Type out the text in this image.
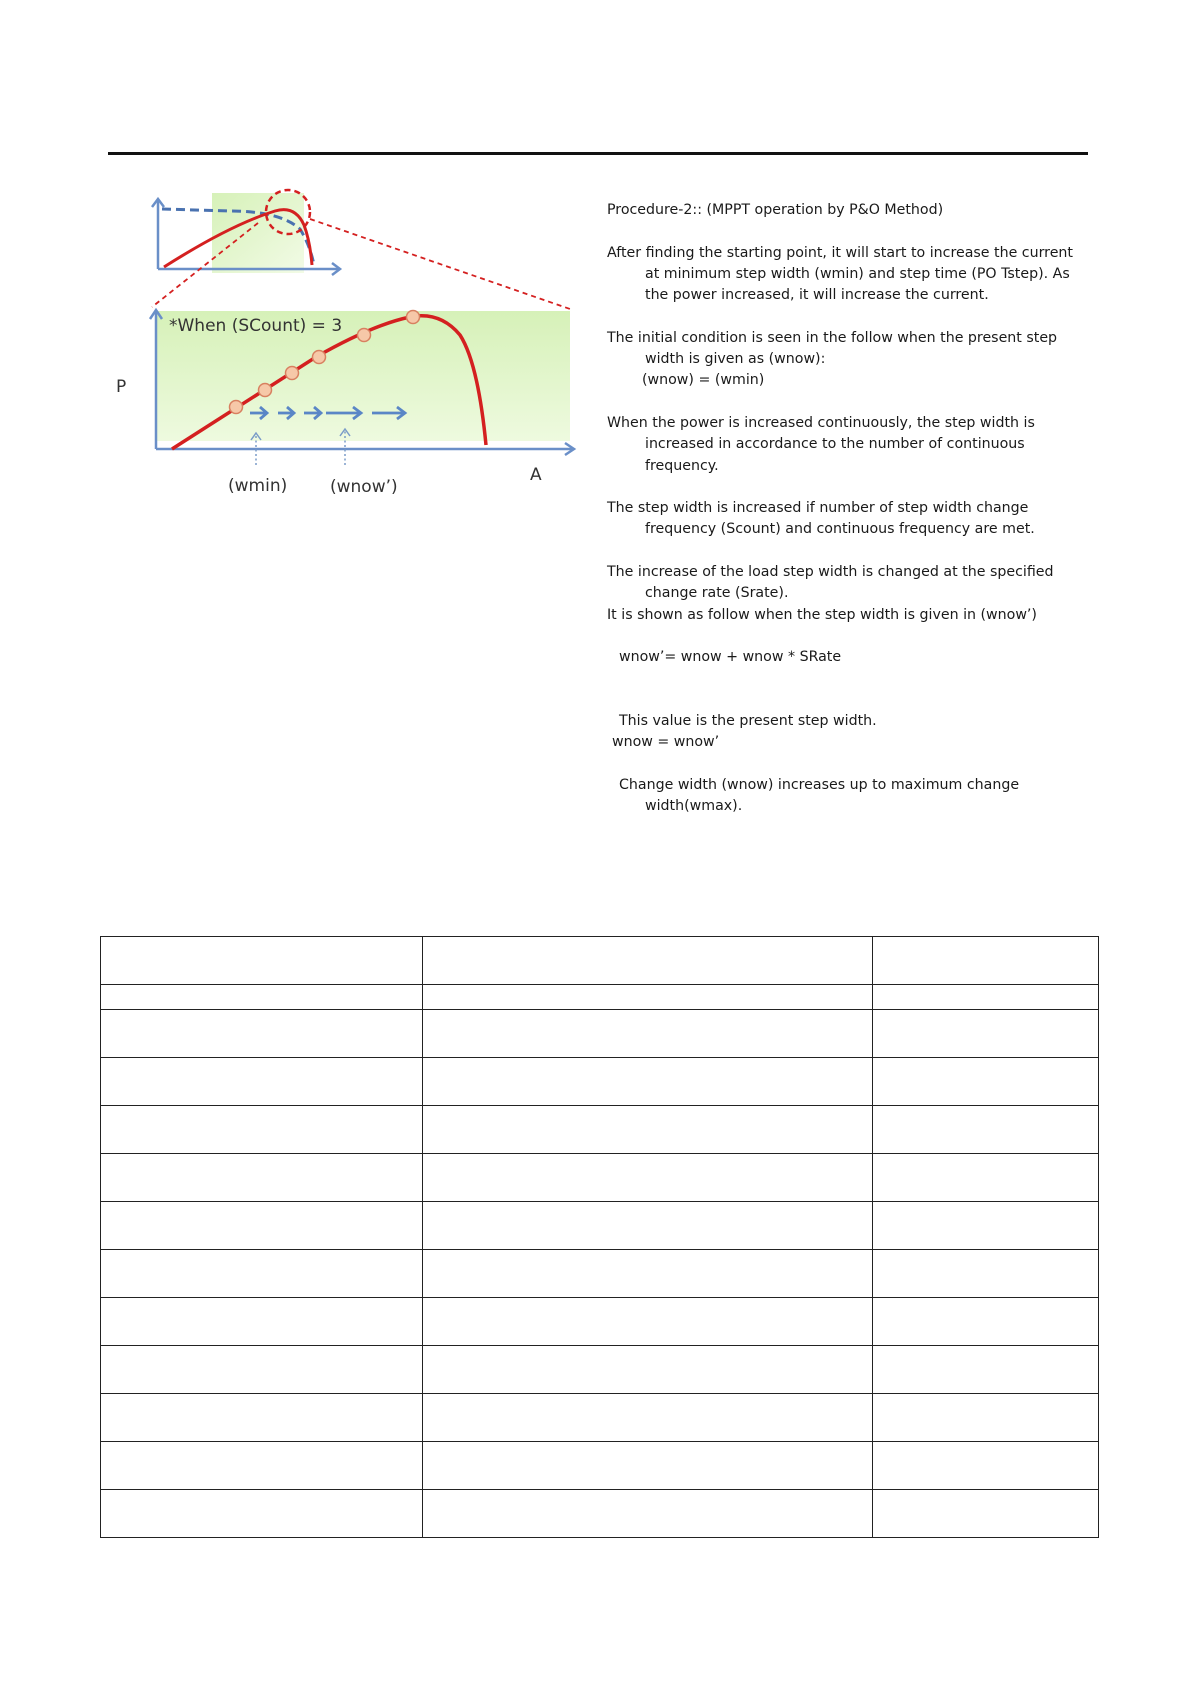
*When (SCount) = 3
P
A
(wmin)	(wnow’)

Procedure-2:: (MPPT operation by P&O Method)

After finding the starting point, it will start to increase the current

at minimum step width (wmin) and step time (PO Tstep). As

the power increased, it will increase the current.

The initial condition is seen in the follow when the present step

width is given as (wnow):

(wnow) = (wmin)

When the power is increased continuously, the step width is

increased in accordance to the number of continuous

frequency.

The step width is increased if number of step width change

frequency (Scount) and continuous frequency are met.

The increase of the load step width is changed at the specified

change rate (Srate).

It is shown as follow when the step width is given in (wnow’)

wnow’= wnow + wnow * SRate

This value is the present step width.

wnow = wnow’

Change width (wnow) increases up to maximum change

width(wmax).
